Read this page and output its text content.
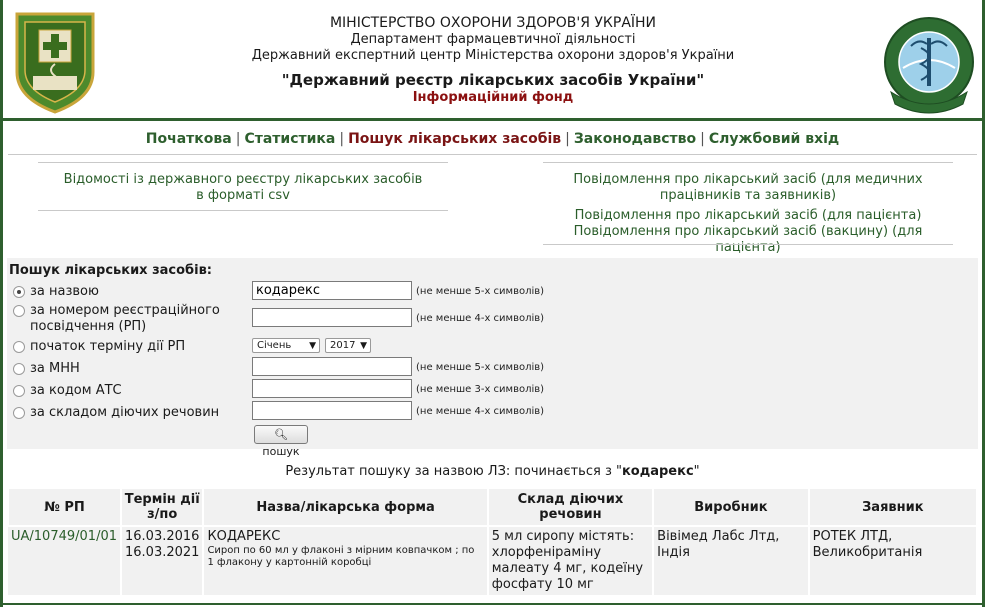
МІНІСТЕРСТВО ОХОРОНИ ЗДОРОВ'Я УКРАЇНИ
Департамент фармацевтичної діяльності
Державний експертний центр Міністерства охорони здоров'я України
"Державний реєстр лікарських засобів України"
Інформаційний фонд
Початкова | Статистика | Пошук лікарських засобів | Законодавство | Службовий вхід
Відомості із державного реєстру лікарських засобів
в форматі csv
Повідомлення про лікарський засіб (для медичних
працівників та заявників)
Повідомлення про лікарський засіб (для пацієнта)
Повідомлення про лікарський засіб (вакцину) (для пацієнта)
Пошук лікарських засобів:
за назвою	кодарекс	(не менше 5-х символів)
за номером реєстраційного
посвідчення (РП)
(не менше 4-х символів)
початок терміну дії РП	Січень ▼	2017 ▼
за МНН	(не менше 5-х символів)
за кодом АТС	(не менше 3-х символів)
за складом діючих речовин	(не менше 4-х символів)
🔍︎ пошук
Результат пошуку за назвою ЛЗ: починається з "кодарекс"
№ РП	Термін дії з/по	Назва/лікарська форма	Склад діючих речовин	Виробник	Заявник
UA/10749/01/01	16.03.2016
16.03.2021	КОДАРЕКС
Сироп по 60 мл у флаконі з мірним ковпачком ; по 1 флакону у картонній коробці	5 мл сиропу містять: хлорфеніраміну малеату 4 мг, кодеїну фосфату 10 мг	Вівімед Лабс Лтд, Індія	РОТЕК ЛТД, Великобританія
